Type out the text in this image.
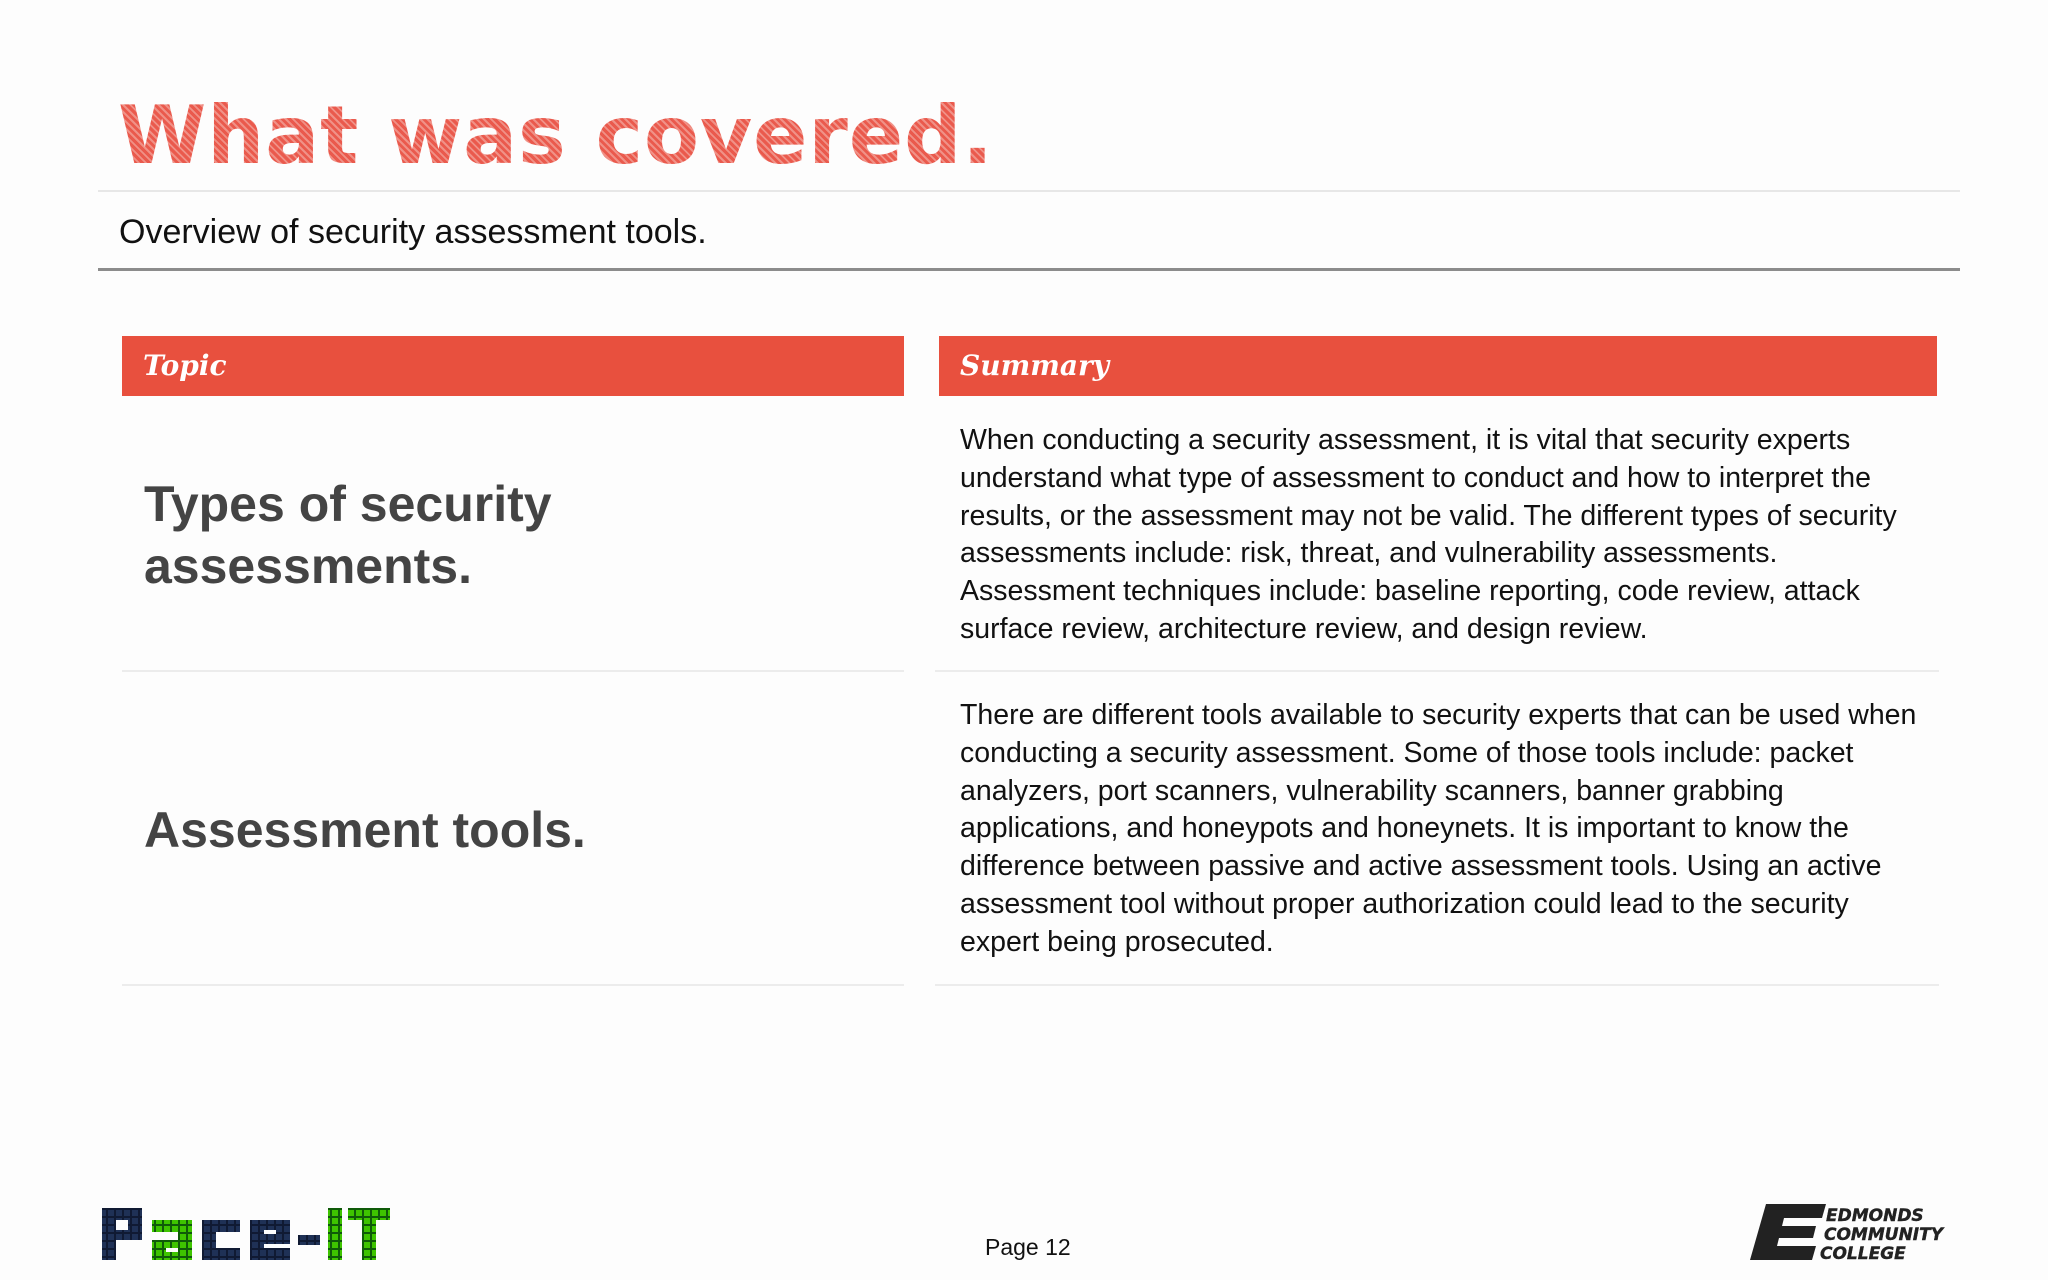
What was covered.

Overview of security assessment tools.

Topic	Summary
Types of security
assessments.

When conducting a security assessment, it is vital that security experts understand what type of assessment to conduct and how to interpret the results, or the assessment may not be valid. The different types of security assessments include: risk, threat, and vulnerability assessments. Assessment techniques include: baseline reporting, code review, attack surface review, architecture review, and design review.

Assessment tools.

There are different tools available to security experts that can be used when conducting a security assessment. Some of those tools include: packet analyzers, port scanners, vulnerability scanners, banner grabbing applications, and honeypots and honeynets. It is important to know the difference between passive and active assessment tools. Using an active assessment tool without proper authorization could lead to the security expert being prosecuted.

Page 12
EDMONDS
COMMUNITY
COLLEGE
